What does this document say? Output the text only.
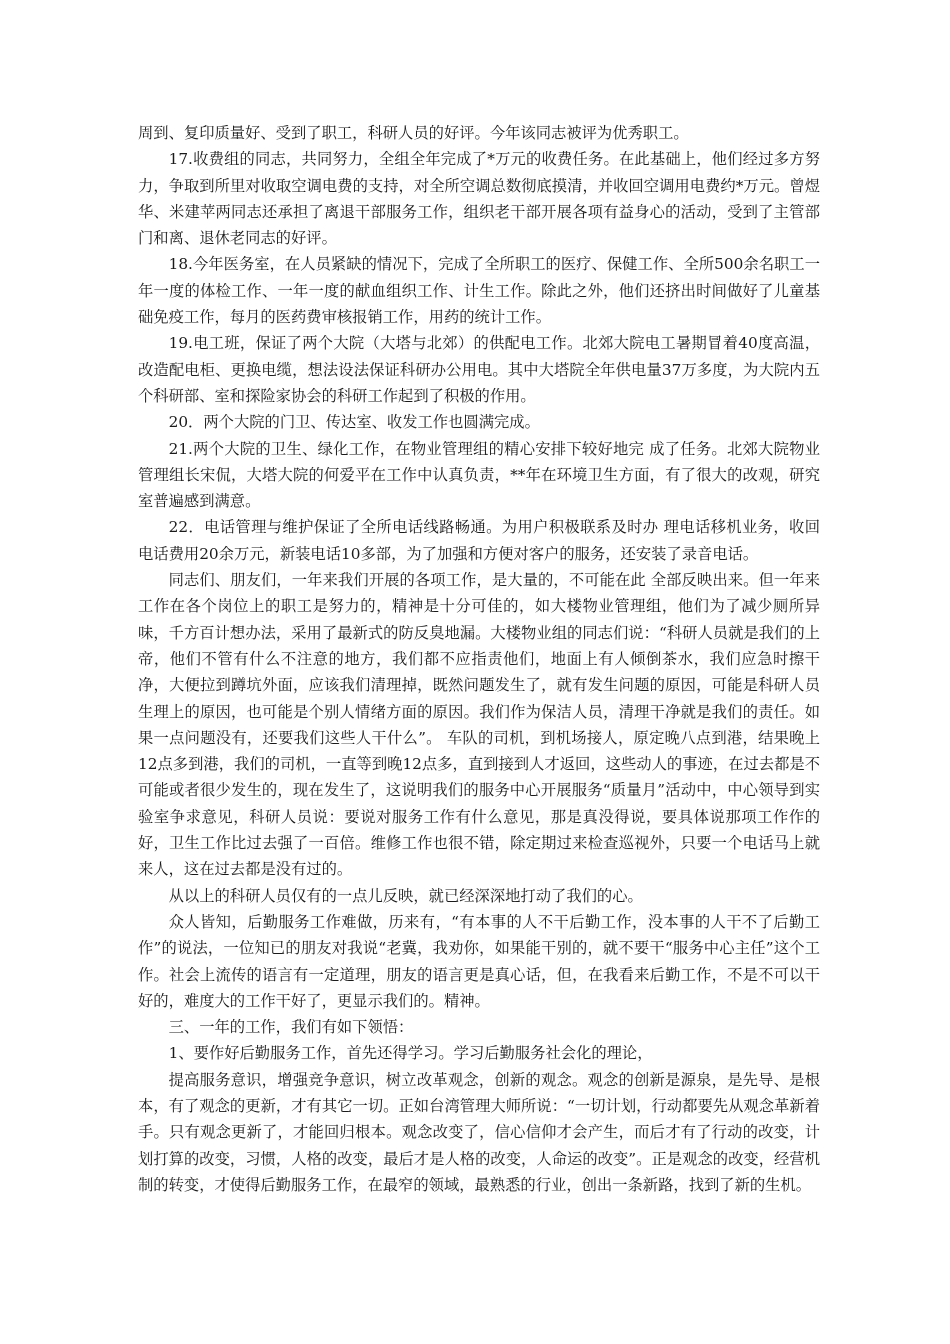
周到、复印质量好、受到了职工，科研人员的好评。今年该同志被评为优秀职工。

17.收费组的同志，共同努力，全组全年完成了*万元的收费任务。在此基础上，他们经过多方努力，争取到所里对收取空调电费的支持，对全所空调总数彻底摸清，并收回空调用电费约*万元。曾煜华、米建苹两同志还承担了离退干部服务工作，组织老干部开展各项有益身心的活动，受到了主管部门和离、退休老同志的好评。

18.今年医务室，在人员紧缺的情况下，完成了全所职工的医疗、保健工作、全所500余名职工一年一度的体检工作、一年一度的献血组织工作、计生工作。除此之外，他们还挤出时间做好了儿童基础免疫工作，每月的医药费审核报销工作，用药的统计工作。

19.电工班，保证了两个大院（大塔与北郊）的供配电工作。北郊大院电工暑期冒着40度高温，改造配电柜、更换电缆，想法设法保证科研办公用电。其中大塔院全年供电量37万多度，为大院内五个科研部、室和探险家协会的科研工作起到了积极的作用。

20．两个大院的门卫、传达室、收发工作也圆满完成。

21.两个大院的卫生、绿化工作，在物业管理组的精心安排下较好地完 成了任务。北郊大院物业管理组长宋侃，大塔大院的何爱平在工作中认真负责，**年在环境卫生方面，有了很大的改观，研究室普遍感到满意。

22．电话管理与维护保证了全所电话线路畅通。为用户积极联系及时办 理电话移机业务，收回电话费用20余万元，新装电话10多部，为了加强和方便对客户的服务，还安装了录音电话。

同志们、朋友们，一年来我们开展的各项工作，是大量的，不可能在此 全部反映出来。但一年来工作在各个岗位上的职工是努力的，精神是十分可佳的，如大楼物业管理组，他们为了减少厕所异味，千方百计想办法，采用了最新式的防反臭地漏。大楼物业组的同志们说：“科研人员就是我们的上帝，他们不管有什么不注意的地方，我们都不应指责他们，地面上有人倾倒茶水，我们应急时擦干净，大便拉到蹲坑外面，应该我们清理掉，既然问题发生了，就有发生问题的原因，可能是科研人员生理上的原因，也可能是个别人情绪方面的原因。我们作为保洁人员，清理干净就是我们的责任。如果一点问题没有，还要我们这些人干什么”。 车队的司机，到机场接人，原定晚八点到港，结果晚上12点多到港，我们的司机，一直等到晚12点多，直到接到人才返回，这些动人的事迹，在过去都是不可能或者很少发生的，现在发生了，这说明我们的服务中心开展服务“质量月”活动中，中心领导到实验室争求意见，科研人员说：要说对服务工作有什么意见，那是真没得说，要具体说那项工作作的好，卫生工作比过去强了一百倍。维修工作也很不错，除定期过来检查巡视外，只要一个电话马上就来人，这在过去都是没有过的。

从以上的科研人员仅有的一点儿反映，就已经深深地打动了我们的心。

众人皆知，后勤服务工作难做，历来有，“有本事的人不干后勤工作，没本事的人干不了后勤工作”的说法，一位知已的朋友对我说“老冀，我劝你，如果能干别的，就不要干“服务中心主任”这个工作。社会上流传的语言有一定道理，朋友的语言更是真心话，但，在我看来后勤工作，不是不可以干好的，难度大的工作干好了，更显示我们的。精神。

三、一年的工作，我们有如下领悟：

1、要作好后勤服务工作，首先还得学习。学习后勤服务社会化的理论，

提高服务意识，增强竞争意识，树立改革观念，创新的观念。观念的创新是源泉，是先导、是根本，有了观念的更新，才有其它一切。正如台湾管理大师所说：“一切计划，行动都要先从观念革新着手。只有观念更新了，才能回归根本。观念改变了，信心信仰才会产生，而后才有了行动的改变，计划打算的改变，习惯，人格的改变，最后才是人格的改变，人命运的改变”。正是观念的改变，经营机制的转变，才使得后勤服务工作，在最窄的领域，最熟悉的行业，创出一条新路，找到了新的生机。
